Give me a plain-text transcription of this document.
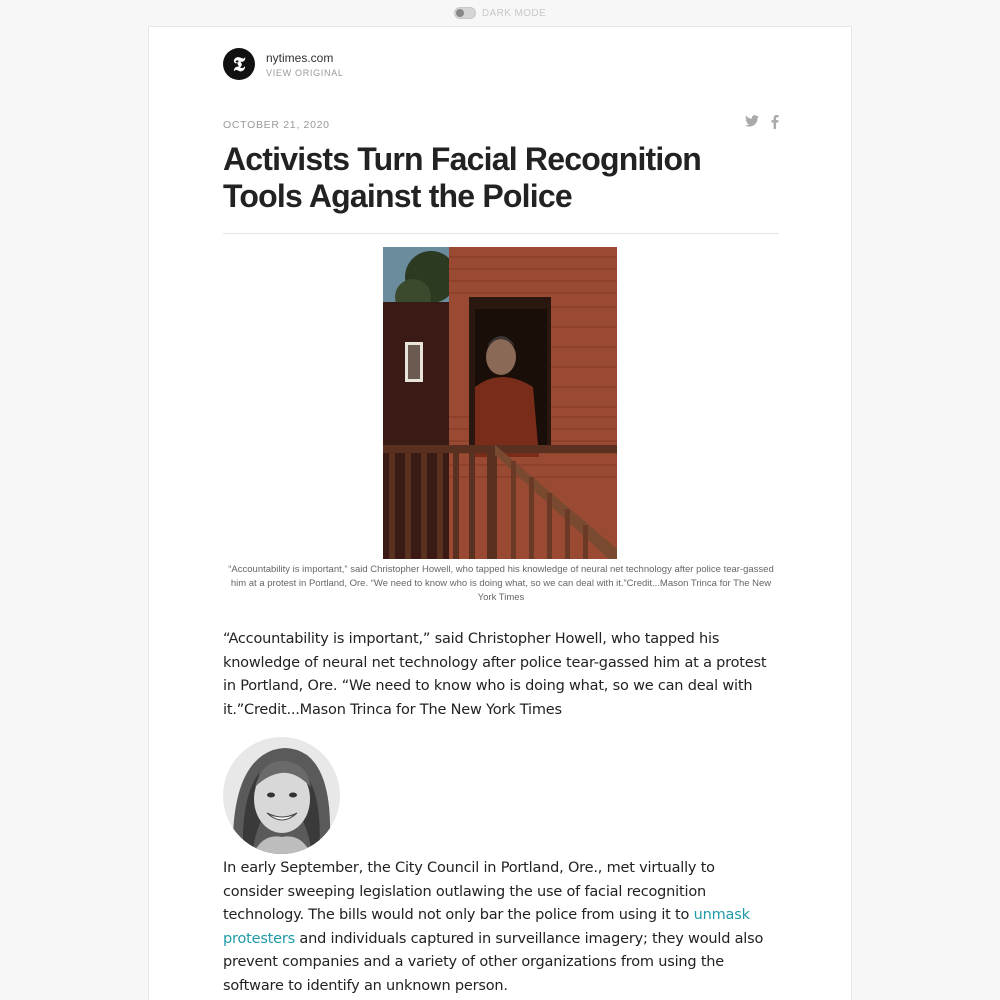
DARK MODE
𝕿	nytimes.com
VIEW ORIGINAL
OCTOBER 21, 2020
Activists Turn Facial Recognition Tools Against the Police
“Accountability is important,” said Christopher Howell, who tapped his knowledge of neural net technology after police tear-gassed him at a protest in Portland, Ore. “We need to know who is doing what, so we can deal with it.”Credit...Mason Trinca for The New York Times

“Accountability is important,” said Christopher Howell, who tapped his knowledge of neural net technology after police tear-gassed him at a protest in Portland, Ore. “We need to know who is doing what, so we can deal with it.”Credit...Mason Trinca for The New York Times

In early September, the City Council in Portland, Ore., met virtually to consider sweeping legislation outlawing the use of facial recognition technology. The bills would not only bar the police from using it to unmask protesters and individuals captured in surveillance imagery; they would also prevent companies and a variety of other organizations from using the software to identify an unknown person.
